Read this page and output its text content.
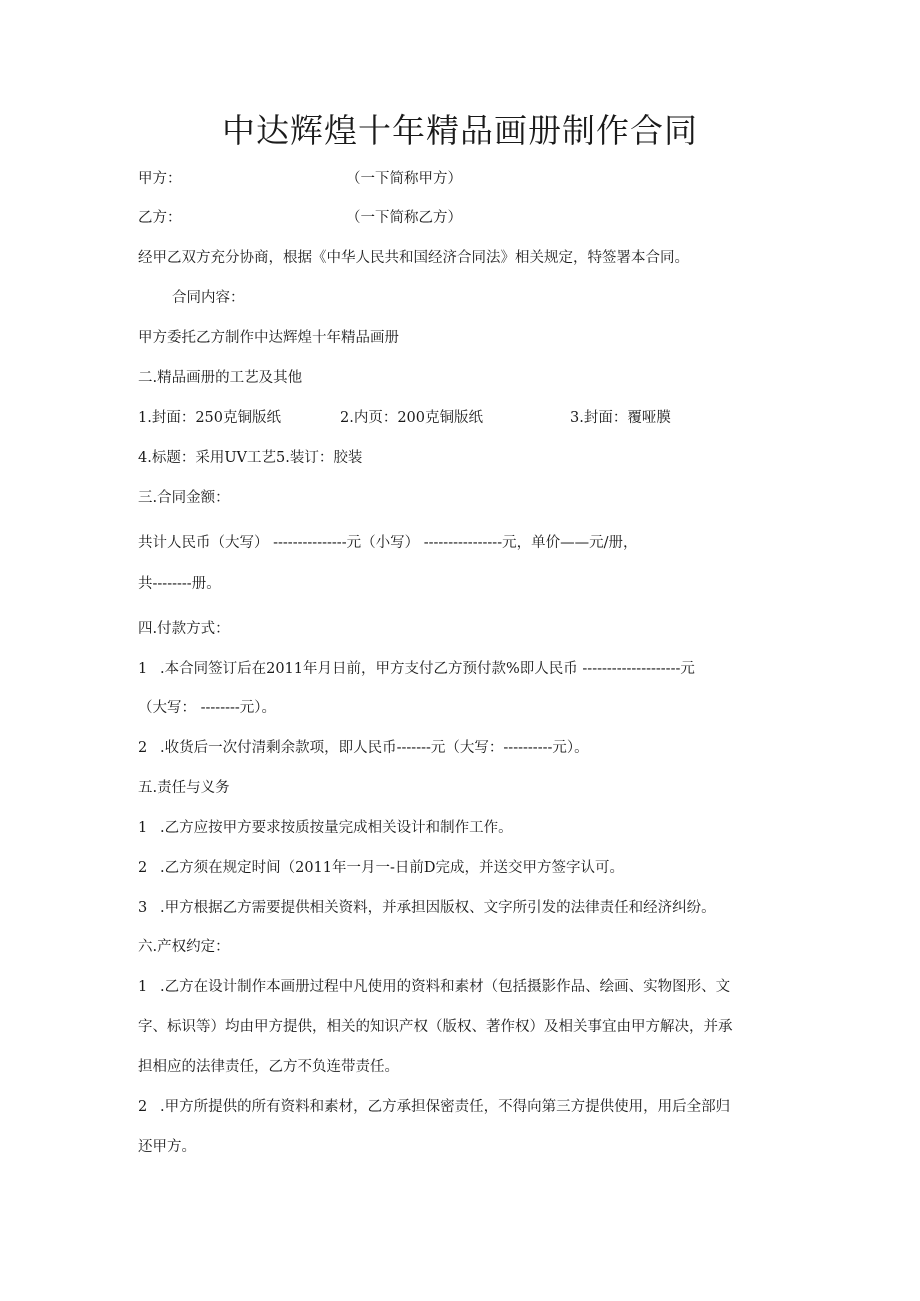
中达辉煌十年精品画册制作合同
甲方：	（一下简称甲方）
乙方：	（一下简称乙方）
经甲乙双方充分协商，根据《中华人民共和国经济合同法》相关规定，特签署本合同。
合同内容：
甲方委托乙方制作中达辉煌十年精品画册
二.精品画册的工艺及其他
1.封面：250克铜版纸	2.内页：200克铜版纸	3.封面：覆哑膜
4.标题：采用UV工艺5.装订：胶装
三.合同金额：
共计人民币（大写） ---------------元（小写） ----------------元，单价——元/册，
共--------册。
四.付款方式：
1 .本合同签订后在2011年月日前，甲方支付乙方预付款%即人民币 --------------------元
（大写： --------元）。
2 .收货后一次付清剩余款项，即人民币-------元（大写：----------元）。
五.责任与义务
1 .乙方应按甲方要求按质按量完成相关设计和制作工作。
2 .乙方须在规定时间（2011年一月一-日前D完成，并送交甲方签字认可。
3 .甲方根据乙方需要提供相关资料，并承担因版权、文字所引发的法律责任和经济纠纷。
六.产权约定：
1 .乙方在设计制作本画册过程中凡使用的资料和素材（包括摄影作品、绘画、实物图形、文
字、标识等）均由甲方提供，相关的知识产权（版权、著作权）及相关事宜由甲方解决，并承
担相应的法律责任，乙方不负连带责任。
2 .甲方所提供的所有资料和素材，乙方承担保密责任，不得向第三方提供使用，用后全部归
还甲方。
